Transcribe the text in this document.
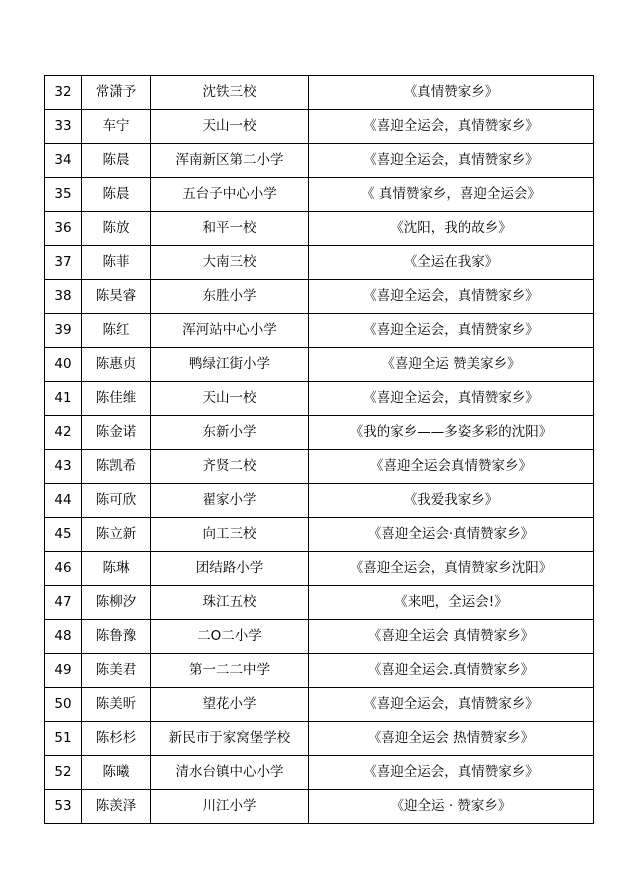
32	常潇予	沈铁三校	《真情赞家乡》
33	车宁	天山一校	《喜迎全运会，真情赞家乡》
34	陈晨	浑南新区第二小学	《喜迎全运会，真情赞家乡》
35	陈晨	五台子中心小学	《 真情赞家乡，喜迎全运会》
36	陈放	和平一校	《沈阳，我的故乡》
37	陈菲	大南三校	《全运在我家》
38	陈昊睿	东胜小学	《喜迎全运会，真情赞家乡》
39	陈红	浑河站中心小学	《喜迎全运会，真情赞家乡》
40	陈惠贞	鸭绿江街小学	《喜迎全运 赞美家乡》
41	陈佳维	天山一校	《喜迎全运会，真情赞家乡》
42	陈金诺	东新小学	《我的家乡——多姿多彩的沈阳》
43	陈凯希	齐贤二校	《喜迎全运会真情赞家乡》
44	陈可欣	翟家小学	《我爱我家乡》
45	陈立新	向工三校	《喜迎全运会·真情赞家乡》
46	陈琳	团结路小学	《喜迎全运会，真情赞家乡沈阳》
47	陈柳汐	珠江五校	《来吧，全运会!》
48	陈鲁豫	二O二小学	《喜迎全运会 真情赞家乡》
49	陈美君	第一二二中学	《喜迎全运会.真情赞家乡》
50	陈美昕	望花小学	《喜迎全运会，真情赞家乡》
51	陈杉杉	新民市于家窝堡学校	《喜迎全运会 热情赞家乡》
52	陈曦	清水台镇中心小学	《喜迎全运会，真情赞家乡》
53	陈羡泽	川江小学	《迎全运 · 赞家乡》
